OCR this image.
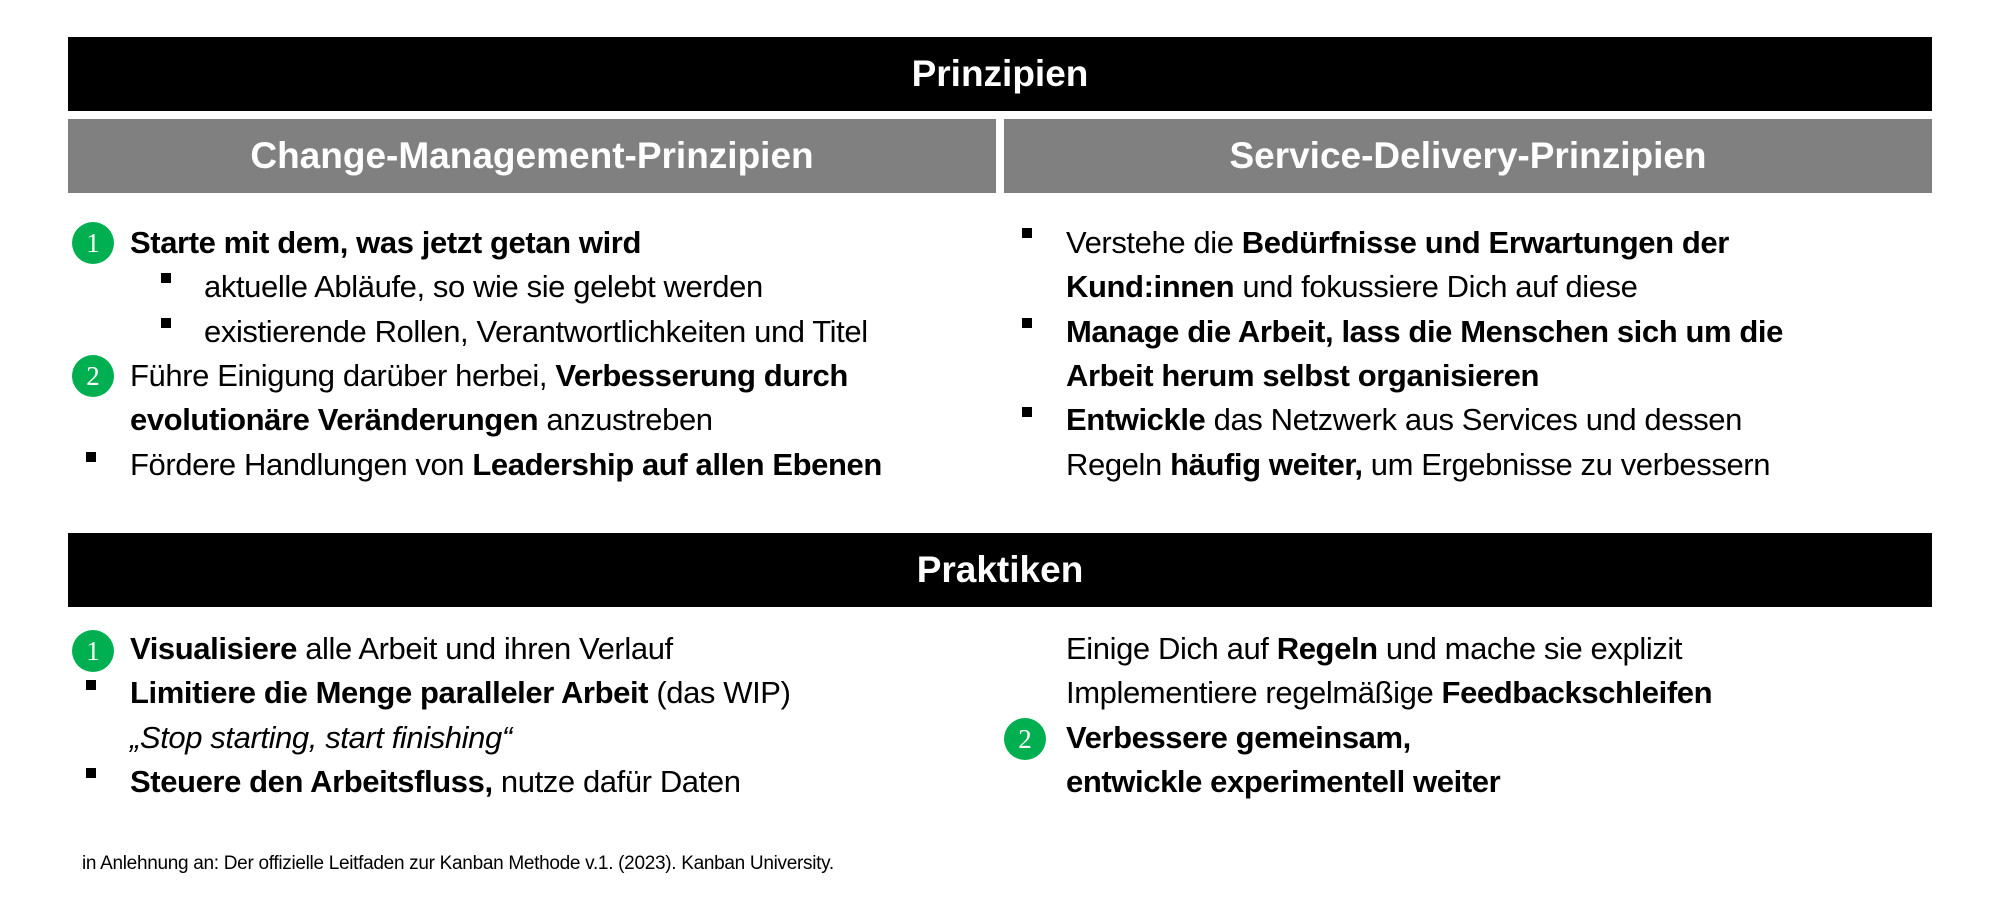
Prinzipien
Change-Management-Prinzipien	Service-Delivery-Prinzipien
1 Starte mit dem, was jetzt getan wird
aktuelle Abläufe, so wie sie gelebt werden
existierende Rollen, Verantwortlichkeiten und Titel
2 Führe Einigung darüber herbei, Verbesserung durch
evolutionäre Veränderungen anzustreben
Fördere Handlungen von Leadership auf allen Ebenen
Verstehe die Bedürfnisse und Erwartungen der
Kund:innen und fokussiere Dich auf diese
Manage die Arbeit, lass die Menschen sich um die
Arbeit herum selbst organisieren
Entwickle das Netzwerk aus Services und dessen
Regeln häufig weiter, um Ergebnisse zu verbessern
Praktiken
1 Visualisiere alle Arbeit und ihren Verlauf
Limitiere die Menge paralleler Arbeit (das WIP)
„Stop starting, start finishing“
Steuere den Arbeitsfluss, nutze dafür Daten
Einige Dich auf Regeln und mache sie explizit
Implementiere regelmäßige Feedbackschleifen
2	Verbessere gemeinsam,
entwickle experimentell weiter
in Anlehnung an: Der offizielle Leitfaden zur Kanban Methode v.1. (2023). Kanban University.
